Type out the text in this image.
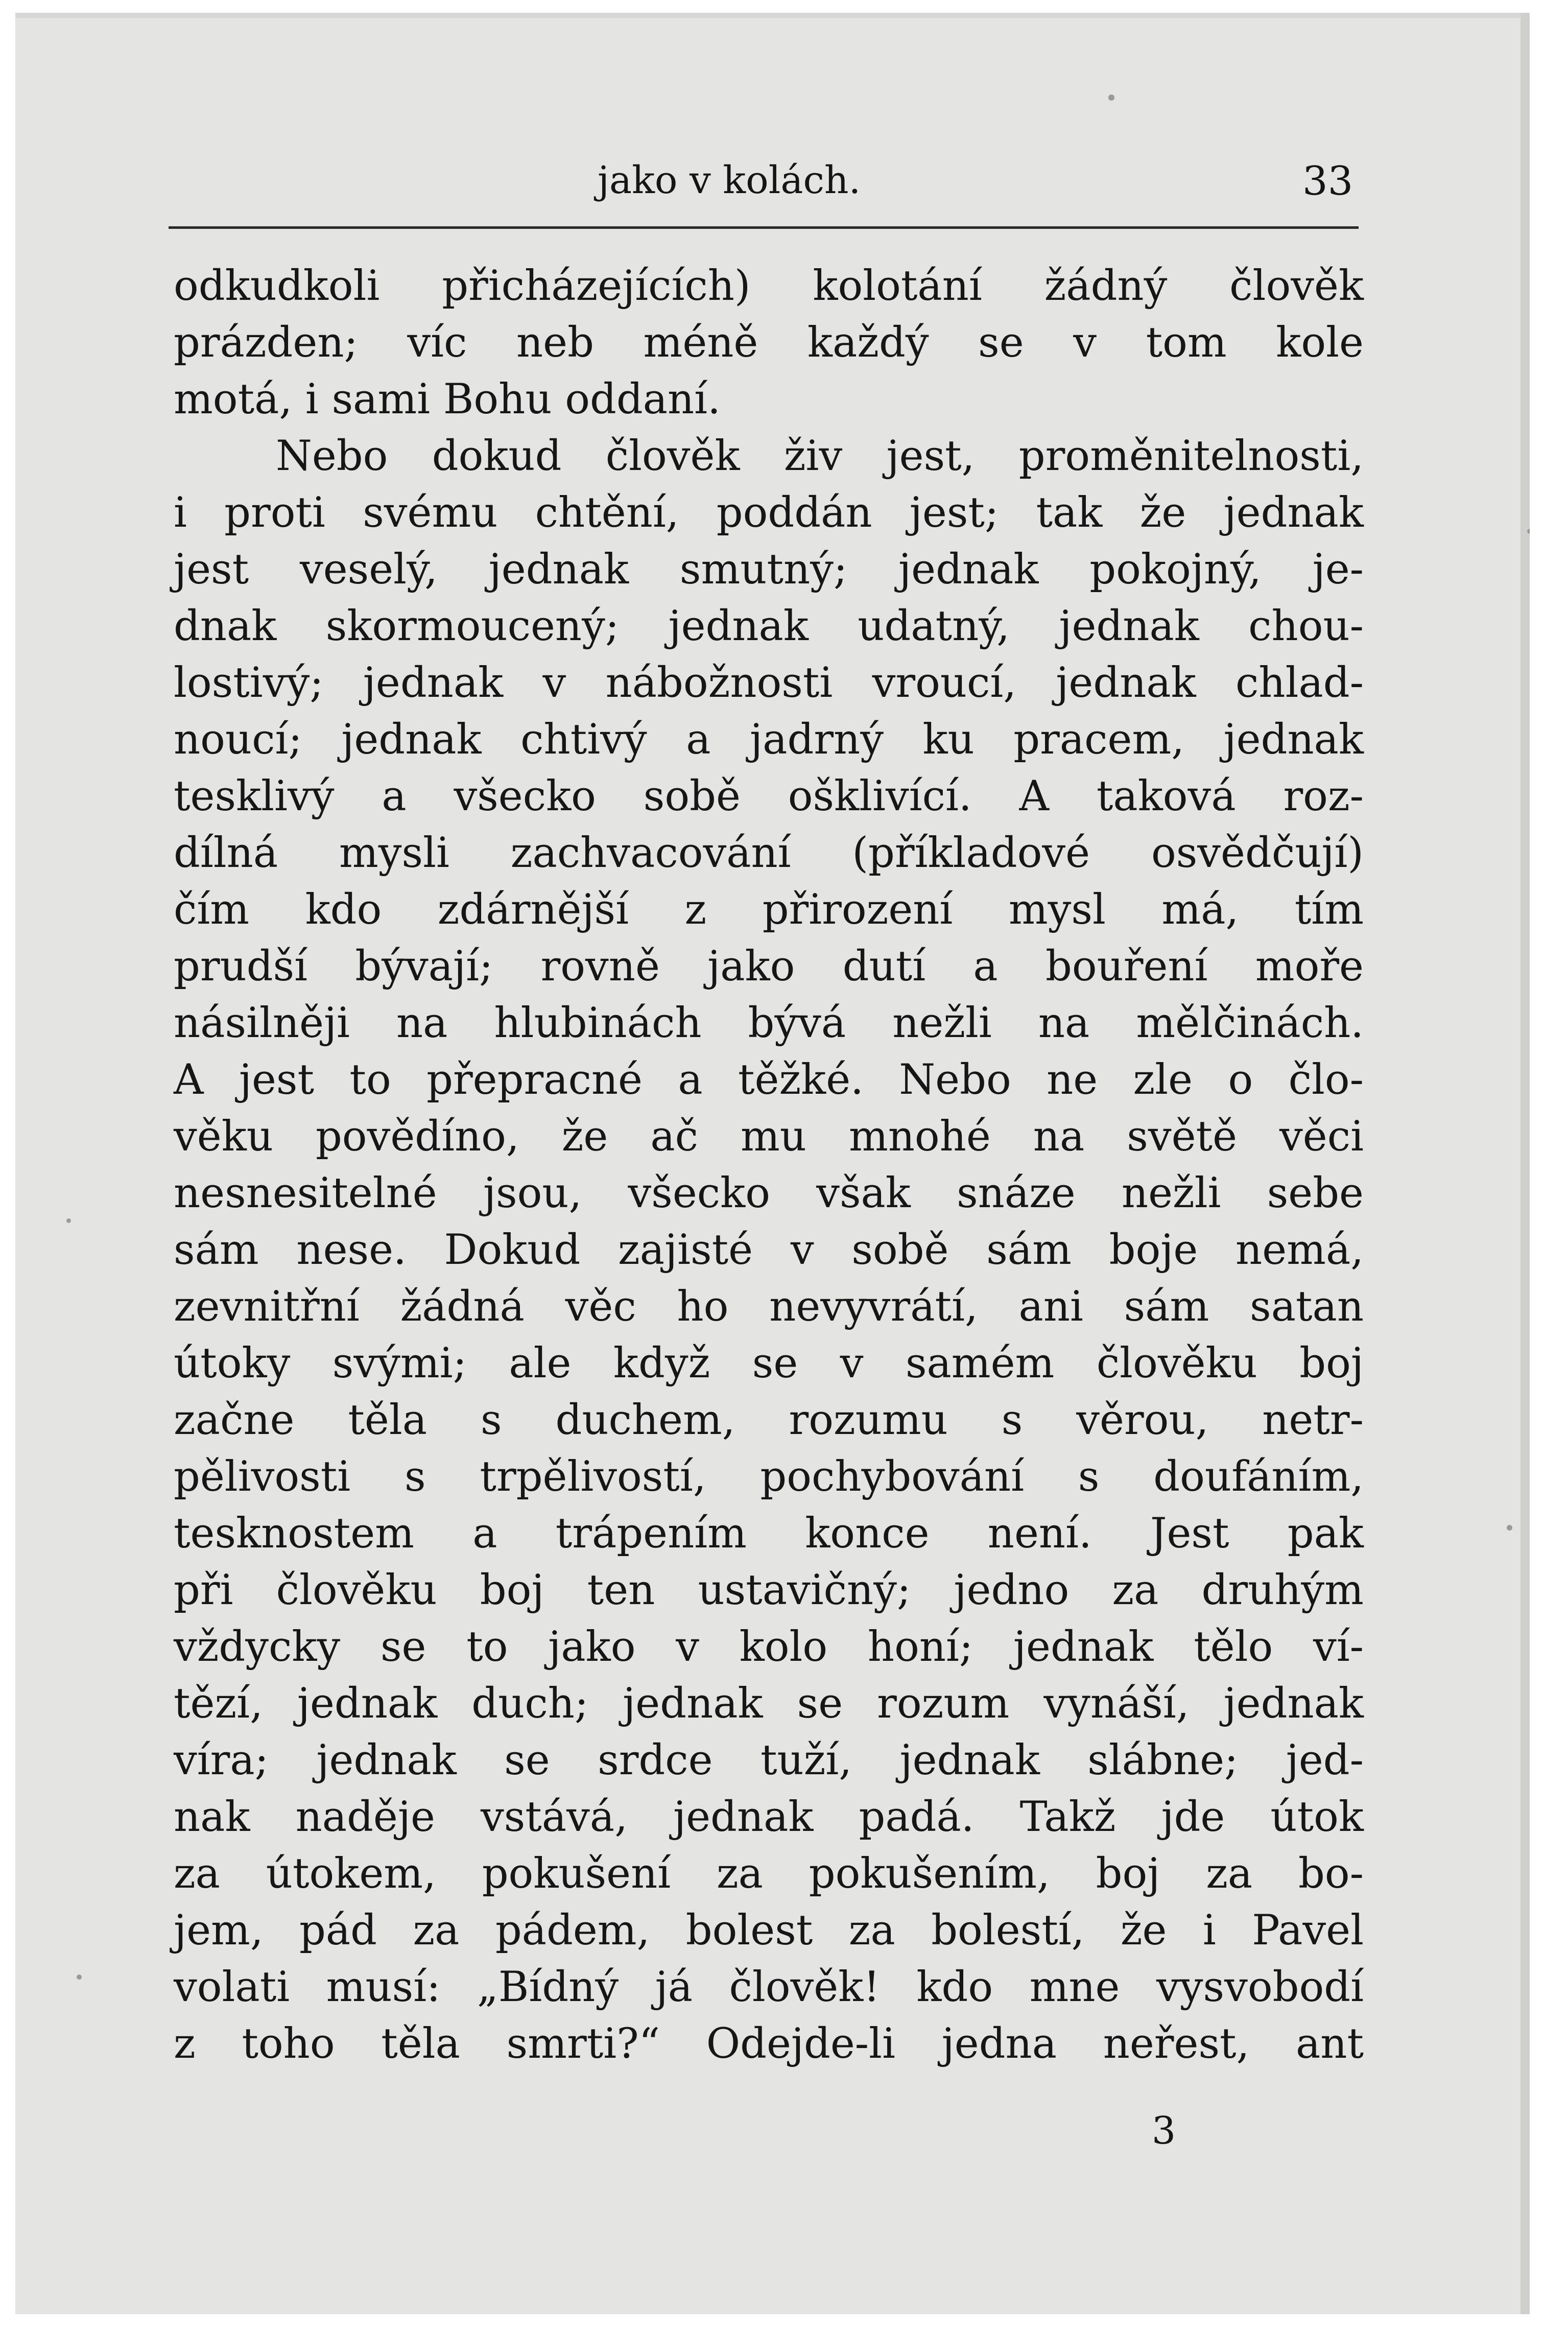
jako v kolách.	33
odkudkoli přicházejících) kolotání žádný člověk
prázden; víc neb méně každý se v tom kole
motá, i sami Bohu oddaní.
Nebo dokud člověk živ jest, proměnitelnosti,
i proti svému chtění, poddán jest; tak že jednak
jest veselý, jednak smutný; jednak pokojný, je-
dnak skormoucený; jednak udatný, jednak chou-
lostivý; jednak v nábožnosti vroucí, jednak chlad-
noucí; jednak chtivý a jadrný ku pracem, jednak
tesklivý a všecko sobě ošklivící. A taková roz-
dílná mysli zachvacování (příkladové osvědčují)
čím kdo zdárnější z přirození mysl má, tím
prudší bývají; rovně jako dutí a bouření moře
násilněji na hlubinách bývá nežli na mělčinách.
A jest to přepracné a těžké. Nebo ne zle o člo-
věku povědíno, že ač mu mnohé na světě věci
nesnesitelné jsou, všecko však snáze nežli sebe
sám nese. Dokud zajisté v sobě sám boje nemá,
zevnitřní žádná věc ho nevyvrátí, ani sám satan
útoky svými; ale když se v samém člověku boj
začne těla s duchem, rozumu s věrou, netr-
pělivosti s trpělivostí, pochybování s doufáním,
tesknostem a trápením konce není. Jest pak
při člověku boj ten ustavičný; jedno za druhým
vždycky se to jako v kolo honí; jednak tělo ví-
tězí, jednak duch; jednak se rozum vynáší, jednak
víra; jednak se srdce tuží, jednak slábne; jed-
nak naděje vstává, jednak padá. Takž jde útok
za útokem, pokušení za pokušením, boj za bo-
jem, pád za pádem, bolest za bolestí, že i Pavel
volati musí: „Bídný já člověk! kdo mne vysvobodí
z toho těla smrti?“ Odejde-li jedna neřest, ant
3
